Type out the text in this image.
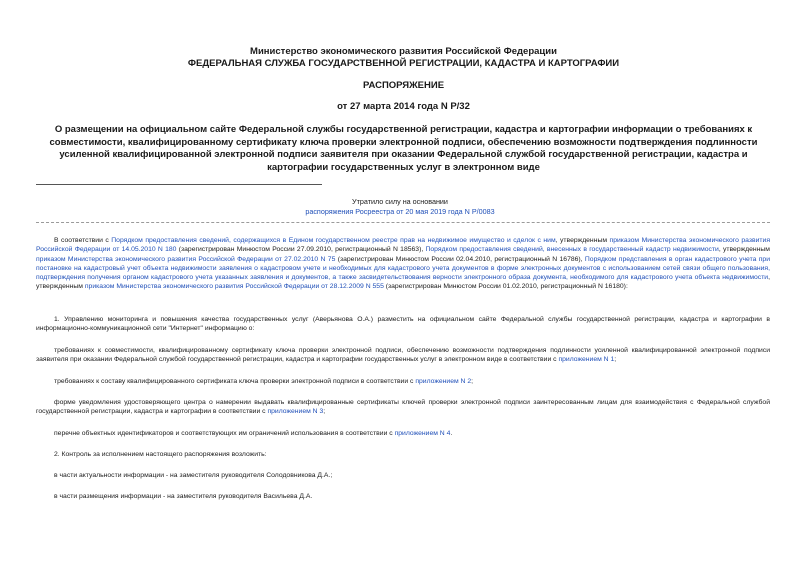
Министерство экономического развития Российской Федерации
ФЕДЕРАЛЬНАЯ СЛУЖБА ГОСУДАРСТВЕННОЙ РЕГИСТРАЦИИ, КАДАСТРА И КАРТОГРАФИИ
РАСПОРЯЖЕНИЕ
от 27 марта 2014 года N Р/32
О размещении на официальном сайте Федеральной службы государственной регистрации, кадастра и картографии информации о требованиях к совместимости, квалифицированному сертификату ключа проверки электронной подписи, обеспечению возможности подтверждения подлинности усиленной квалифицированной электронной подписи заявителя при оказании Федеральной службой государственной регистрации, кадастра и картографии государственных услуг в электронном виде
Утратило силу на основании
распоряжения Росреестра от 20 мая 2019 года N Р/0083
В соответствии с Порядком предоставления сведений, содержащихся в Едином государственном реестре прав на недвижимое имущество и сделок с ним, утвержденным приказом Министерства экономического развития Российской Федерации от 14.05.2010 N 180 (зарегистрирован Минюстом России 27.09.2010, регистрационный N 18563), Порядком предоставления сведений, внесенных в государственный кадастр недвижимости, утвержденным приказом Министерства экономического развития Российской Федерации от 27.02.2010 N 75 (зарегистрирован Минюстом России 02.04.2010, регистрационный N 16786), Порядком представления в орган кадастрового учета при постановке на кадастровый учет объекта недвижимости заявления о кадастровом учете и необходимых для кадастрового учета документов в форме электронных документов с использованием сетей связи общего пользования, подтверждения получения органом кадастрового учета указанных заявления и документов, а также засвидетельствования верности электронного образа документа, необходимого для кадастрового учета объекта недвижимости, утвержденным приказом Министерства экономического развития Российской Федерации от 28.12.2009 N 555 (зарегистрирован Минюстом России 01.02.2010, регистрационный N 16180):
1. Управлению мониторинга и повышения качества государственных услуг (Аверьянова О.А.) разместить на официальном сайте Федеральной службы государственной регистрации, кадастра и картографии в информационно-коммуникационной сети "Интернет" информацию о:
требованиях к совместимости, квалифицированному сертификату ключа проверки электронной подписи, обеспечению возможности подтверждения подлинности усиленной квалифицированной электронной подписи заявителя при оказании Федеральной службой государственной регистрации, кадастра и картографии государственных услуг в электронном виде в соответствии с приложением N 1;
требованиях к составу квалифицированного сертификата ключа проверки электронной подписи в соответствии с приложением N 2;
форме уведомления удостоверяющего центра о намерении выдавать квалифицированные сертификаты ключей проверки электронной подписи заинтересованным лицам для взаимодействия с Федеральной службой государственной регистрации, кадастра и картографии в соответствии с приложением N 3;
перечне объектных идентификаторов и соответствующих им ограничений использования в соответствии с приложением N 4.
2. Контроль за исполнением настоящего распоряжения возложить:
в части актуальности информации - на заместителя руководителя Солодовникова Д.А.;
в части размещения информации - на заместителя руководителя Васильева Д.А.
